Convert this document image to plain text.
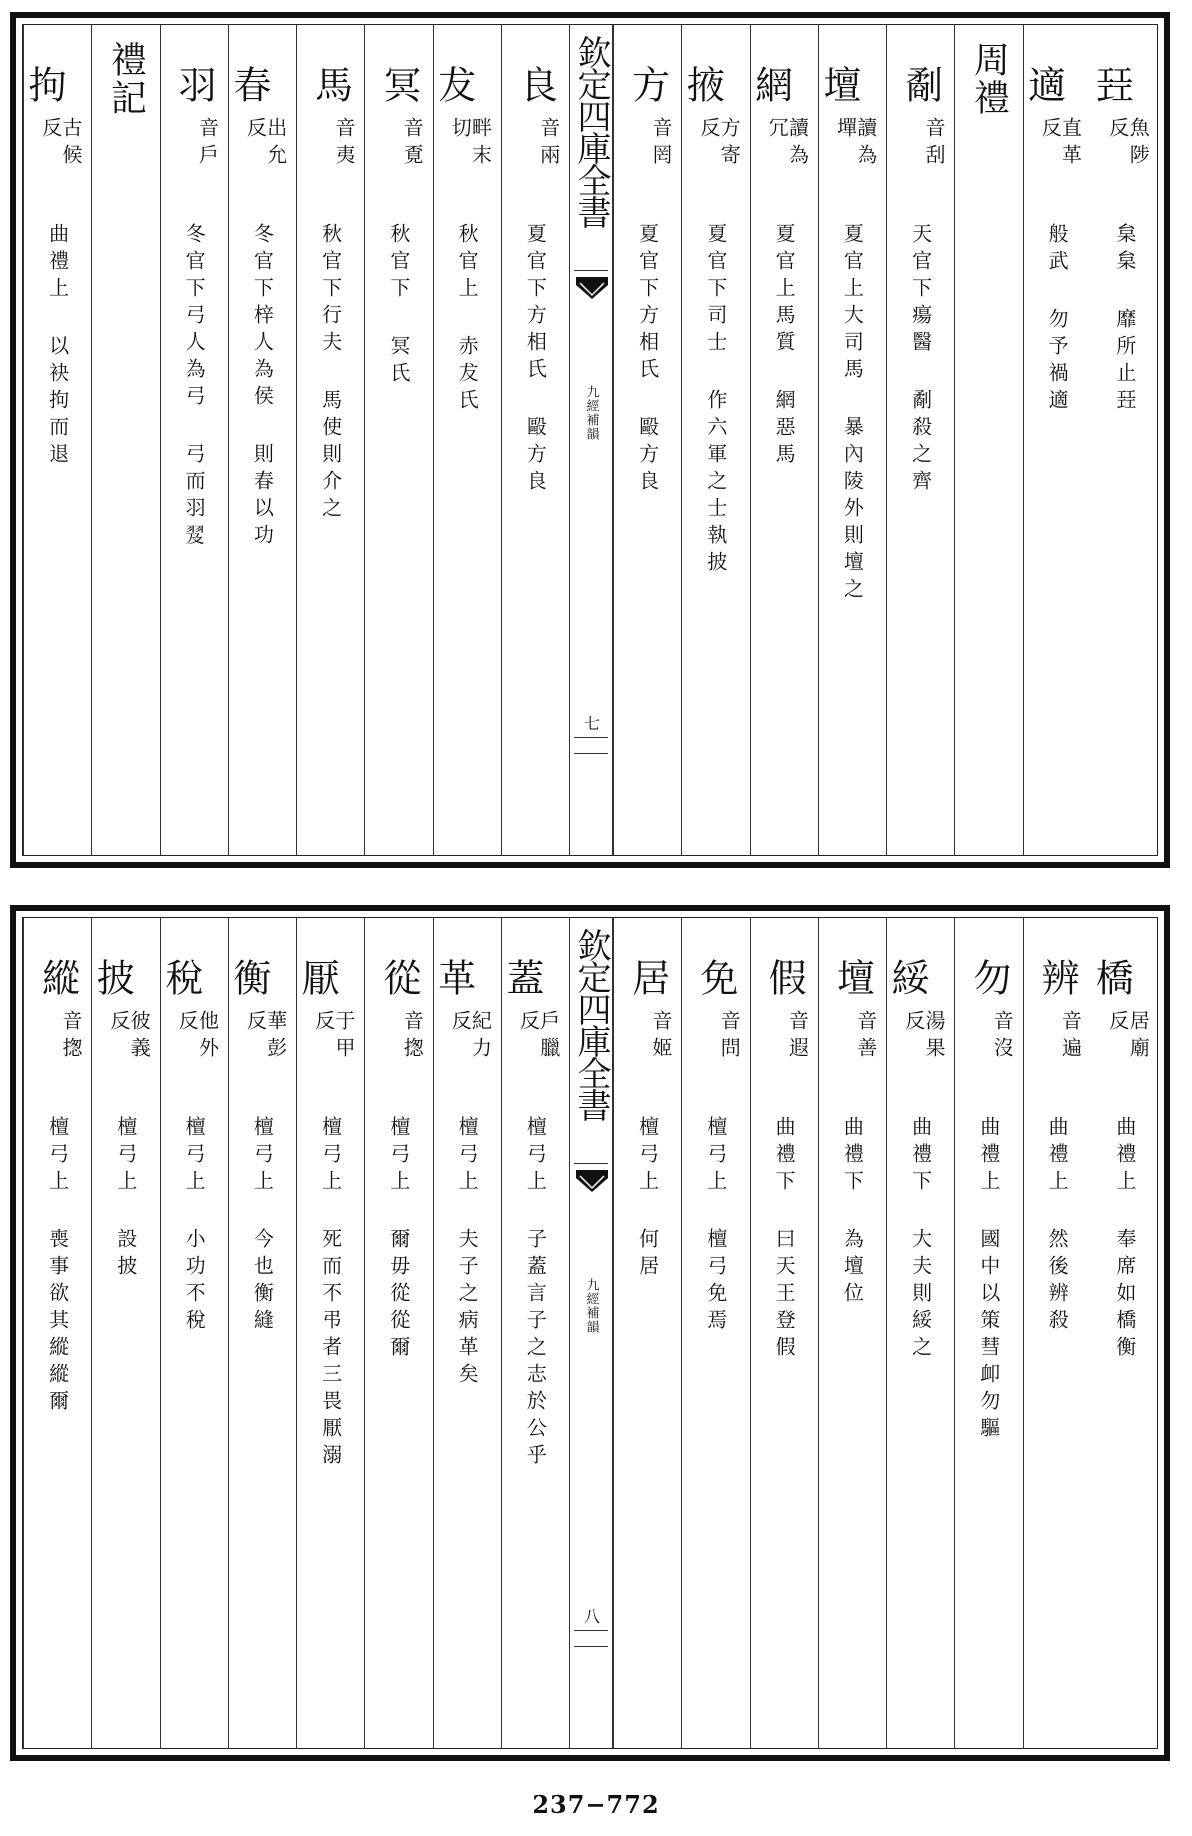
㠭
魚陟
反
枲枲 靡所止㠭
適
直革
反
般武 勿予禍適
周禮
劀
音刮
天官下瘍醫 劀殺之齊
壇
讀為
墠
夏官上大司馬 暴內陵外則壇之
網
讀為
冗
夏官上馬質 網惡馬
掖
方寄
反
夏官下司士 作六軍之士執披
方
音罔
夏官下方相氏 毆方良
欽定四庫全書
九經補韻
七
良
音兩
夏官下方相氏 毆方良
犮
畔末
切
秋官上 赤犮氏
冥
音覔
秋官下 冥氏
馬
音夷
秋官下行夫 馬使則介之
春
出允
反
冬官下梓人為侯 則春以功
羽
音戶
冬官下弓人為弓 弓而羽𦐅
禮記
拘
古候
反
曲禮上 以袂拘而退
橋
居廟
反
曲禮上 奉席如橋衡
辨
音遍
曲禮上 然後辨殺
勿
音沒
曲禮上 國中以策彗卹勿驅
綏
湯果
反
曲禮下 大夫則綏之
壇
音善
曲禮下 為壇位
假
音遐
曲禮下 曰天王登假
免
音問
檀弓上 檀弓免焉
居
音姬
檀弓上 何居
欽定四庫全書
九經補韻
八
蓋
戶臘
反
檀弓上 子蓋言子之志於公乎
革
紀力
反
檀弓上 夫子之病革矣
從
音揔
檀弓上 爾毋從從爾
厭
于甲
反
檀弓上 死而不弔者三畏厭溺
衡
華彭
反
檀弓上 今也衡縫
稅
他外
反
檀弓上 小功不稅
披
彼義
反
檀弓上 設披
縱
音揔
檀弓上 喪事欲其縱縱爾
237−772
